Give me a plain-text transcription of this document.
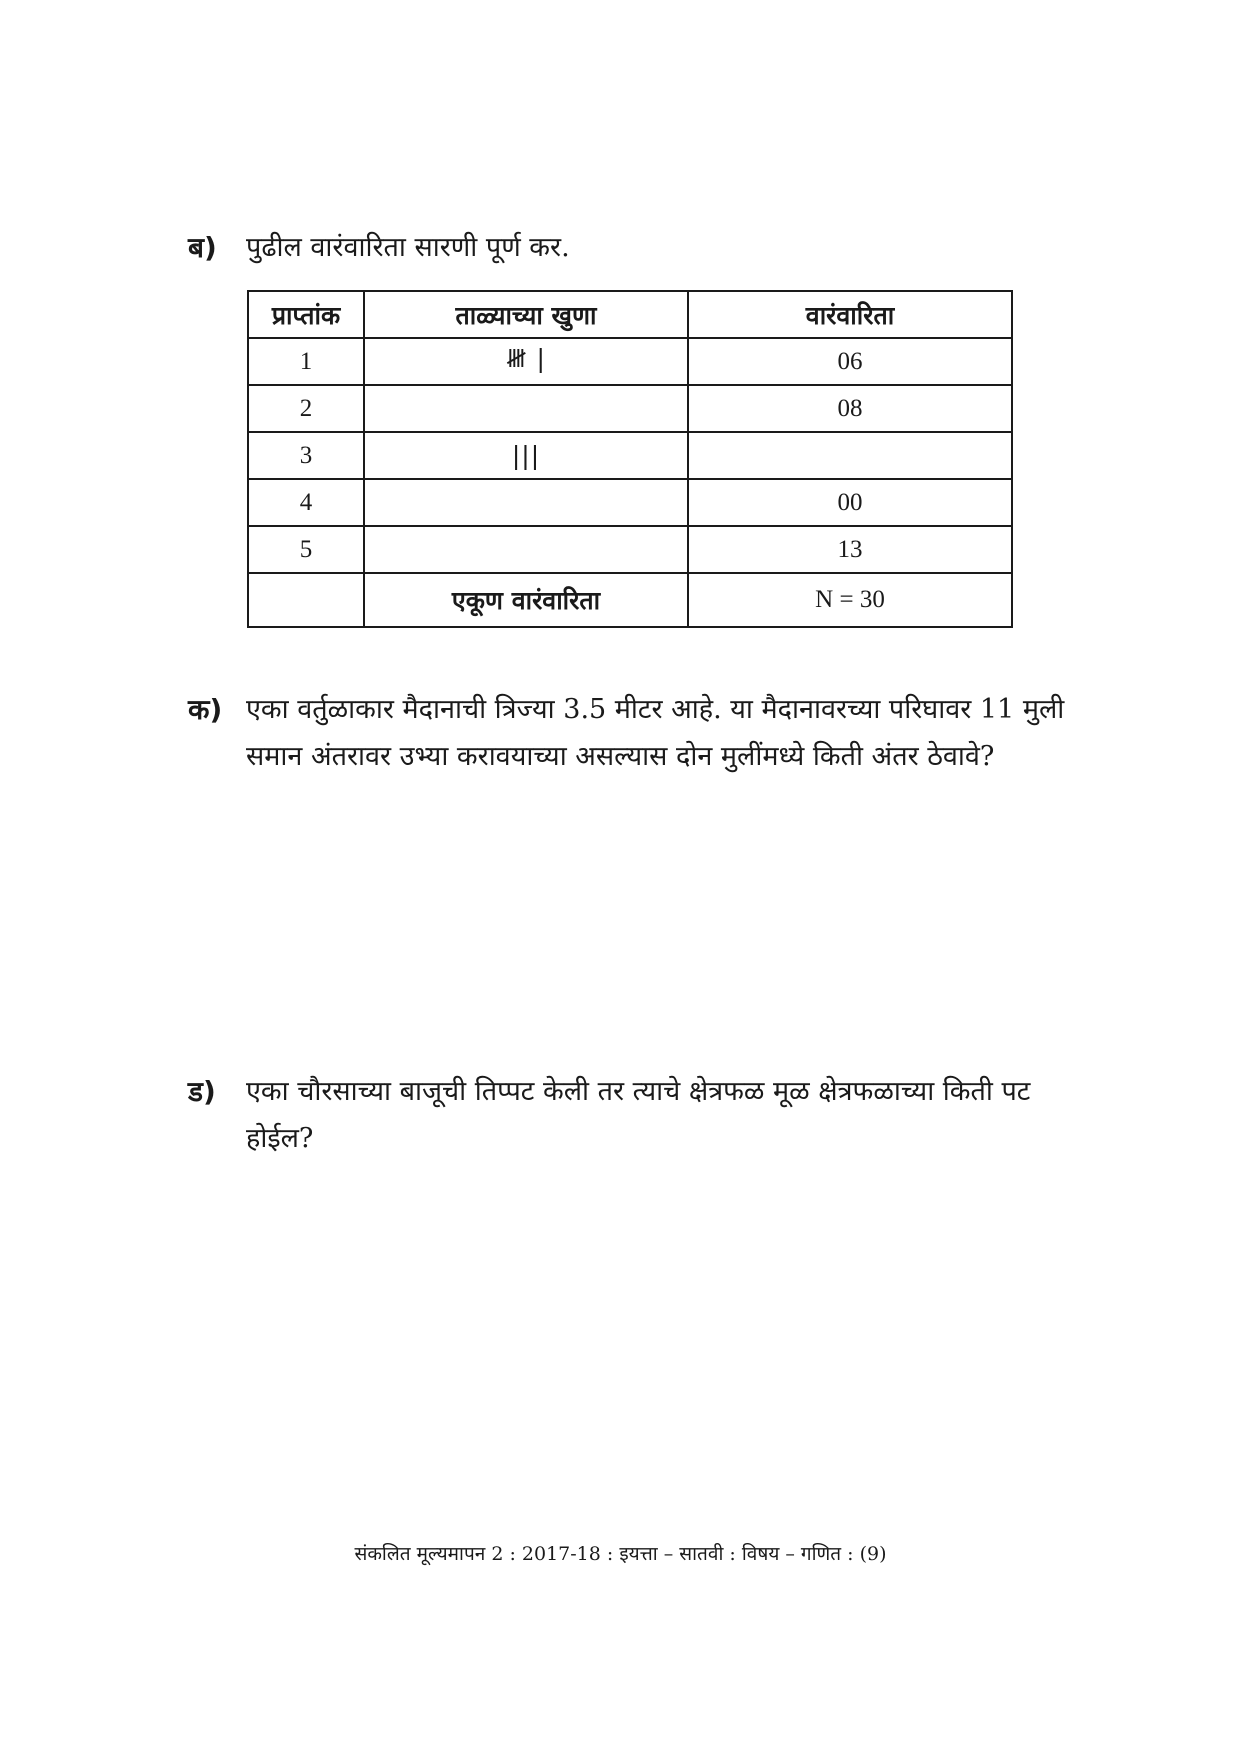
ब) पुढील वारंवारिता सारणी पूर्ण कर.
प्राप्तांक	ताळ्याच्या खुणा	वारंवारिता
1	𝍸 |	06
2		08
3	|||	
4		00
5		13
	एकूण वारंवारिता	N = 30
क) एका वर्तुळाकार मैदानाची त्रिज्या 3.5 मीटर आहे. या मैदानावरच्या परिघावर 11 मुली
समान अंतरावर उभ्या करावयाच्या असल्यास दोन मुलींमध्ये किती अंतर ठेवावे?
ड) एका चौरसाच्या बाजूची तिप्पट केली तर त्याचे क्षेत्रफळ मूळ क्षेत्रफळाच्या किती पट
होईल?
संकलित मूल्यमापन 2 : 2017-18 : इयत्ता – सातवी : विषय – गणित : (9)
